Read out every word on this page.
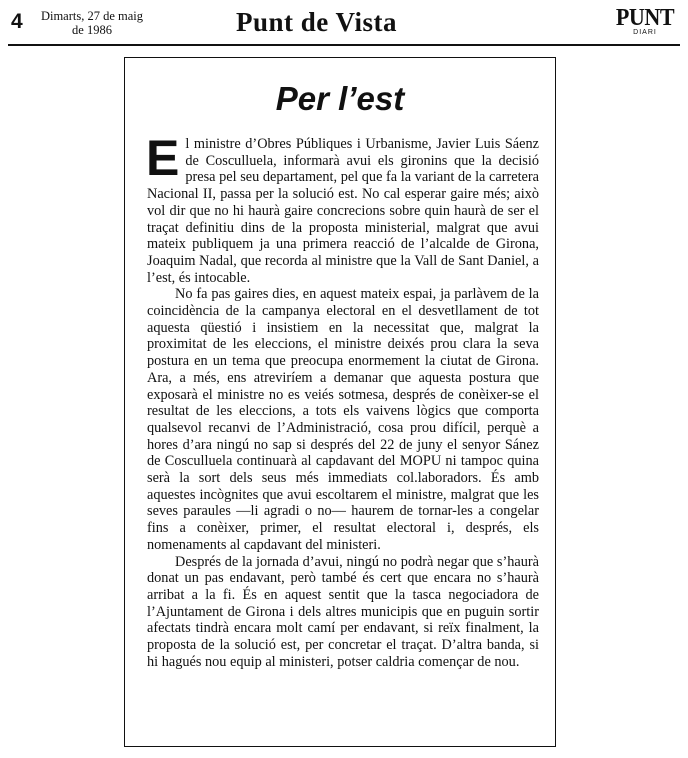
4	Dimarts, 27 de maig
de 1986	Punt de Vista	PUNT
DIARI
Per l’est

El ministre d’Obres Públiques i Urbanisme, Javier Luis Sáenz de Cosculluela, informarà avui els gironins que la decisió presa pel seu departament, pel que fa la variant de la carretera Nacional II, passa per la solució est. No cal esperar gaire més; això vol dir que no hi haurà gaire concrecions sobre quin haurà de ser el traçat definitiu dins de la proposta ministerial, malgrat que avui mateix publiquem ja una primera reacció de l’alcalde de Girona, Joaquim Nadal, que recorda al ministre que la Vall de Sant Daniel, a l’est, és intocable.

No fa pas gaires dies, en aquest mateix espai, ja parlàvem de la coincidència de la campanya electoral en el desvetllament de tot aquesta qüestió i insistiem en la necessitat que, malgrat la proximitat de les eleccions, el ministre deixés prou clara la seva postura en un tema que preocupa enormement la ciutat de Girona. Ara, a més, ens atreviríem a demanar que aquesta postura que exposarà el ministre no es veiés sotmesa, després de conèixer-se el resultat de les eleccions, a tots els vaivens lògics que comporta qualsevol recanvi de l’Administració, cosa prou difícil, perquè a hores d’ara ningú no sap si després del 22 de juny el senyor Sánez de Cosculluela continuarà al capdavant del MOPU ni tampoc quina serà la sort dels seus més immediats col.laboradors. És amb aquestes incògnites que avui escoltarem el ministre, malgrat que les seves paraules —li agradi o no— haurem de tornar-les a congelar fins a conèixer, primer, el resultat electoral i, després, els nomenaments al capdavant del ministeri.

Després de la jornada d’avui, ningú no podrà negar que s’haurà donat un pas endavant, però també és cert que encara no s’haurà arribat a la fi. És en aquest sentit que la tasca negociadora de l’Ajuntament de Girona i dels altres municipis que en puguin sortir afectats tindrà encara molt camí per endavant, si reïx finalment, la proposta de la solució est, per concretar el traçat. D’altra banda, si hi hagués nou equip al ministeri, potser caldria començar de nou.
